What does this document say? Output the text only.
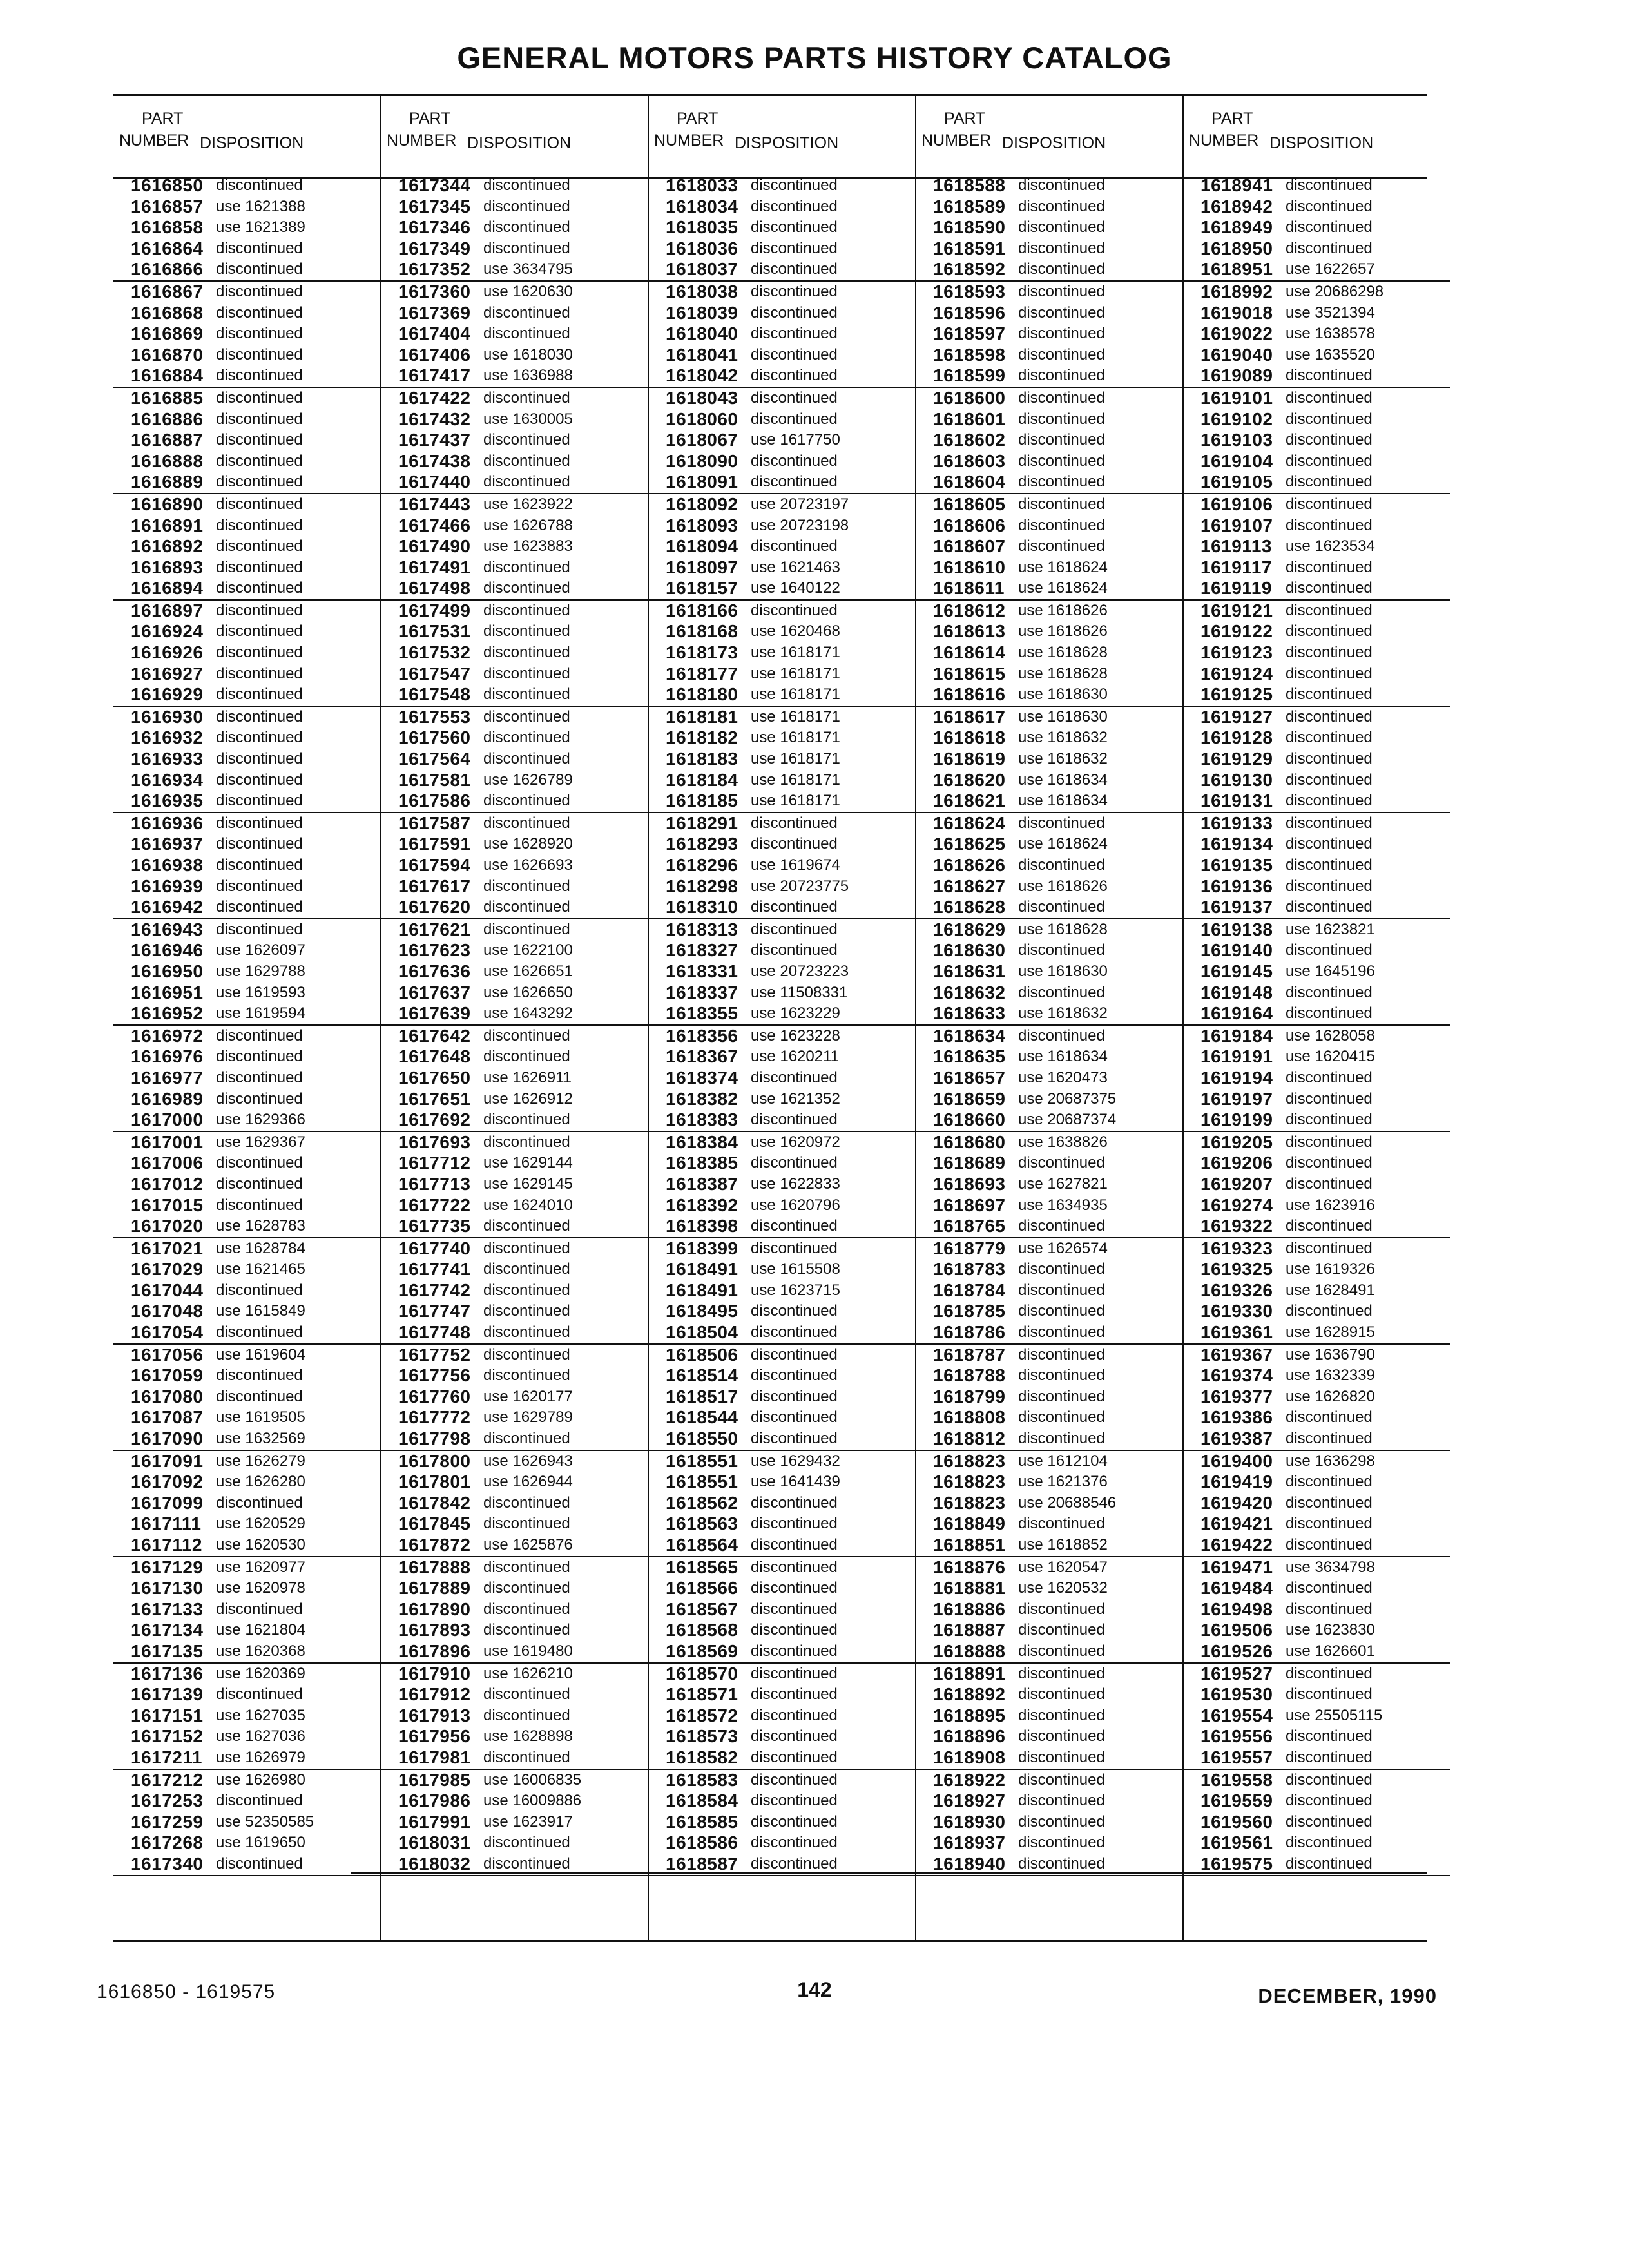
GENERAL MOTORS PARTS HISTORY CATALOG
PART
NUMBER DISPOSITION
1616850 discontinued
1616857 use 1621388
1616858 use 1621389
1616864 discontinued
1616866 discontinued
1616867 discontinued
1616868 discontinued
1616869 discontinued
1616870 discontinued
1616884 discontinued
1616885 discontinued
1616886 discontinued
1616887 discontinued
1616888 discontinued
1616889 discontinued
1616890 discontinued
1616891 discontinued
1616892 discontinued
1616893 discontinued
1616894 discontinued
1616897 discontinued
1616924 discontinued
1616926 discontinued
1616927 discontinued
1616929 discontinued
1616930 discontinued
1616932 discontinued
1616933 discontinued
1616934 discontinued
1616935 discontinued
1616936 discontinued
1616937 discontinued
1616938 discontinued
1616939 discontinued
1616942 discontinued
1616943 discontinued
1616946 use 1626097
1616950 use 1629788
1616951 use 1619593
1616952 use 1619594
1616972 discontinued
1616976 discontinued
1616977 discontinued
1616989 discontinued
1617000 use 1629366
1617001 use 1629367
1617006 discontinued
1617012 discontinued
1617015 discontinued
1617020 use 1628783
1617021 use 1628784
1617029 use 1621465
1617044 discontinued
1617048 use 1615849
1617054 discontinued
1617056 use 1619604
1617059 discontinued
1617080 discontinued
1617087 use 1619505
1617090 use 1632569
1617091 use 1626279
1617092 use 1626280
1617099 discontinued
1617111 use 1620529
1617112 use 1620530
1617129 use 1620977
1617130 use 1620978
1617133 discontinued
1617134 use 1621804
1617135 use 1620368
1617136 use 1620369
1617139 discontinued
1617151 use 1627035
1617152 use 1627036
1617211 use 1626979
1617212 use 1626980
1617253 discontinued
1617259 use 52350585
1617268 use 1619650
1617340 discontinued
PART
NUMBER DISPOSITION
1617344 discontinued
1617345 discontinued
1617346 discontinued
1617349 discontinued
1617352 use 3634795
1617360 use 1620630
1617369 discontinued
1617404 discontinued
1617406 use 1618030
1617417 use 1636988
1617422 discontinued
1617432 use 1630005
1617437 discontinued
1617438 discontinued
1617440 discontinued
1617443 use 1623922
1617466 use 1626788
1617490 use 1623883
1617491 discontinued
1617498 discontinued
1617499 discontinued
1617531 discontinued
1617532 discontinued
1617547 discontinued
1617548 discontinued
1617553 discontinued
1617560 discontinued
1617564 discontinued
1617581 use 1626789
1617586 discontinued
1617587 discontinued
1617591 use 1628920
1617594 use 1626693
1617617 discontinued
1617620 discontinued
1617621 discontinued
1617623 use 1622100
1617636 use 1626651
1617637 use 1626650
1617639 use 1643292
1617642 discontinued
1617648 discontinued
1617650 use 1626911
1617651 use 1626912
1617692 discontinued
1617693 discontinued
1617712 use 1629144
1617713 use 1629145
1617722 use 1624010
1617735 discontinued
1617740 discontinued
1617741 discontinued
1617742 discontinued
1617747 discontinued
1617748 discontinued
1617752 discontinued
1617756 discontinued
1617760 use 1620177
1617772 use 1629789
1617798 discontinued
1617800 use 1626943
1617801 use 1626944
1617842 discontinued
1617845 discontinued
1617872 use 1625876
1617888 discontinued
1617889 discontinued
1617890 discontinued
1617893 discontinued
1617896 use 1619480
1617910 use 1626210
1617912 discontinued
1617913 discontinued
1617956 use 1628898
1617981 discontinued
1617985 use 16006835
1617986 use 16009886
1617991 use 1623917
1618031 discontinued
1618032 discontinued
PART
NUMBER DISPOSITION
1618033 discontinued
1618034 discontinued
1618035 discontinued
1618036 discontinued
1618037 discontinued
1618038 discontinued
1618039 discontinued
1618040 discontinued
1618041 discontinued
1618042 discontinued
1618043 discontinued
1618060 discontinued
1618067 use 1617750
1618090 discontinued
1618091 discontinued
1618092 use 20723197
1618093 use 20723198
1618094 discontinued
1618097 use 1621463
1618157 use 1640122
1618166 discontinued
1618168 use 1620468
1618173 use 1618171
1618177 use 1618171
1618180 use 1618171
1618181 use 1618171
1618182 use 1618171
1618183 use 1618171
1618184 use 1618171
1618185 use 1618171
1618291 discontinued
1618293 discontinued
1618296 use 1619674
1618298 use 20723775
1618310 discontinued
1618313 discontinued
1618327 discontinued
1618331 use 20723223
1618337 use 11508331
1618355 use 1623229
1618356 use 1623228
1618367 use 1620211
1618374 discontinued
1618382 use 1621352
1618383 discontinued
1618384 use 1620972
1618385 discontinued
1618387 use 1622833
1618392 use 1620796
1618398 discontinued
1618399 discontinued
1618491 use 1615508
1618491 use 1623715
1618495 discontinued
1618504 discontinued
1618506 discontinued
1618514 discontinued
1618517 discontinued
1618544 discontinued
1618550 discontinued
1618551 use 1629432
1618551 use 1641439
1618562 discontinued
1618563 discontinued
1618564 discontinued
1618565 discontinued
1618566 discontinued
1618567 discontinued
1618568 discontinued
1618569 discontinued
1618570 discontinued
1618571 discontinued
1618572 discontinued
1618573 discontinued
1618582 discontinued
1618583 discontinued
1618584 discontinued
1618585 discontinued
1618586 discontinued
1618587 discontinued
PART
NUMBER DISPOSITION
1618588 discontinued
1618589 discontinued
1618590 discontinued
1618591 discontinued
1618592 discontinued
1618593 discontinued
1618596 discontinued
1618597 discontinued
1618598 discontinued
1618599 discontinued
1618600 discontinued
1618601 discontinued
1618602 discontinued
1618603 discontinued
1618604 discontinued
1618605 discontinued
1618606 discontinued
1618607 discontinued
1618610 use 1618624
1618611 use 1618624
1618612 use 1618626
1618613 use 1618626
1618614 use 1618628
1618615 use 1618628
1618616 use 1618630
1618617 use 1618630
1618618 use 1618632
1618619 use 1618632
1618620 use 1618634
1618621 use 1618634
1618624 discontinued
1618625 use 1618624
1618626 discontinued
1618627 use 1618626
1618628 discontinued
1618629 use 1618628
1618630 discontinued
1618631 use 1618630
1618632 discontinued
1618633 use 1618632
1618634 discontinued
1618635 use 1618634
1618657 use 1620473
1618659 use 20687375
1618660 use 20687374
1618680 use 1638826
1618689 discontinued
1618693 use 1627821
1618697 use 1634935
1618765 discontinued
1618779 use 1626574
1618783 discontinued
1618784 discontinued
1618785 discontinued
1618786 discontinued
1618787 discontinued
1618788 discontinued
1618799 discontinued
1618808 discontinued
1618812 discontinued
1618823 use 1612104
1618823 use 1621376
1618823 use 20688546
1618849 discontinued
1618851 use 1618852
1618876 use 1620547
1618881 use 1620532
1618886 discontinued
1618887 discontinued
1618888 discontinued
1618891 discontinued
1618892 discontinued
1618895 discontinued
1618896 discontinued
1618908 discontinued
1618922 discontinued
1618927 discontinued
1618930 discontinued
1618937 discontinued
1618940 discontinued
PART
NUMBER DISPOSITION
1618941 discontinued
1618942 discontinued
1618949 discontinued
1618950 discontinued
1618951 use 1622657
1618992 use 20686298
1619018 use 3521394
1619022 use 1638578
1619040 use 1635520
1619089 discontinued
1619101 discontinued
1619102 discontinued
1619103 discontinued
1619104 discontinued
1619105 discontinued
1619106 discontinued
1619107 discontinued
1619113 use 1623534
1619117 discontinued
1619119 discontinued
1619121 discontinued
1619122 discontinued
1619123 discontinued
1619124 discontinued
1619125 discontinued
1619127 discontinued
1619128 discontinued
1619129 discontinued
1619130 discontinued
1619131 discontinued
1619133 discontinued
1619134 discontinued
1619135 discontinued
1619136 discontinued
1619137 discontinued
1619138 use 1623821
1619140 discontinued
1619145 use 1645196
1619148 discontinued
1619164 discontinued
1619184 use 1628058
1619191 use 1620415
1619194 discontinued
1619197 discontinued
1619199 discontinued
1619205 discontinued
1619206 discontinued
1619207 discontinued
1619274 use 1623916
1619322 discontinued
1619323 discontinued
1619325 use 1619326
1619326 use 1628491
1619330 discontinued
1619361 use 1628915
1619367 use 1636790
1619374 use 1632339
1619377 use 1626820
1619386 discontinued
1619387 discontinued
1619400 use 1636298
1619419 discontinued
1619420 discontinued
1619421 discontinued
1619422 discontinued
1619471 use 3634798
1619484 discontinued
1619498 discontinued
1619506 use 1623830
1619526 use 1626601
1619527 discontinued
1619530 discontinued
1619554 use 25505115
1619556 discontinued
1619557 discontinued
1619558 discontinued
1619559 discontinued
1619560 discontinued
1619561 discontinued
1619575 discontinued
1616850 - 1619575	142	DECEMBER, 1990
